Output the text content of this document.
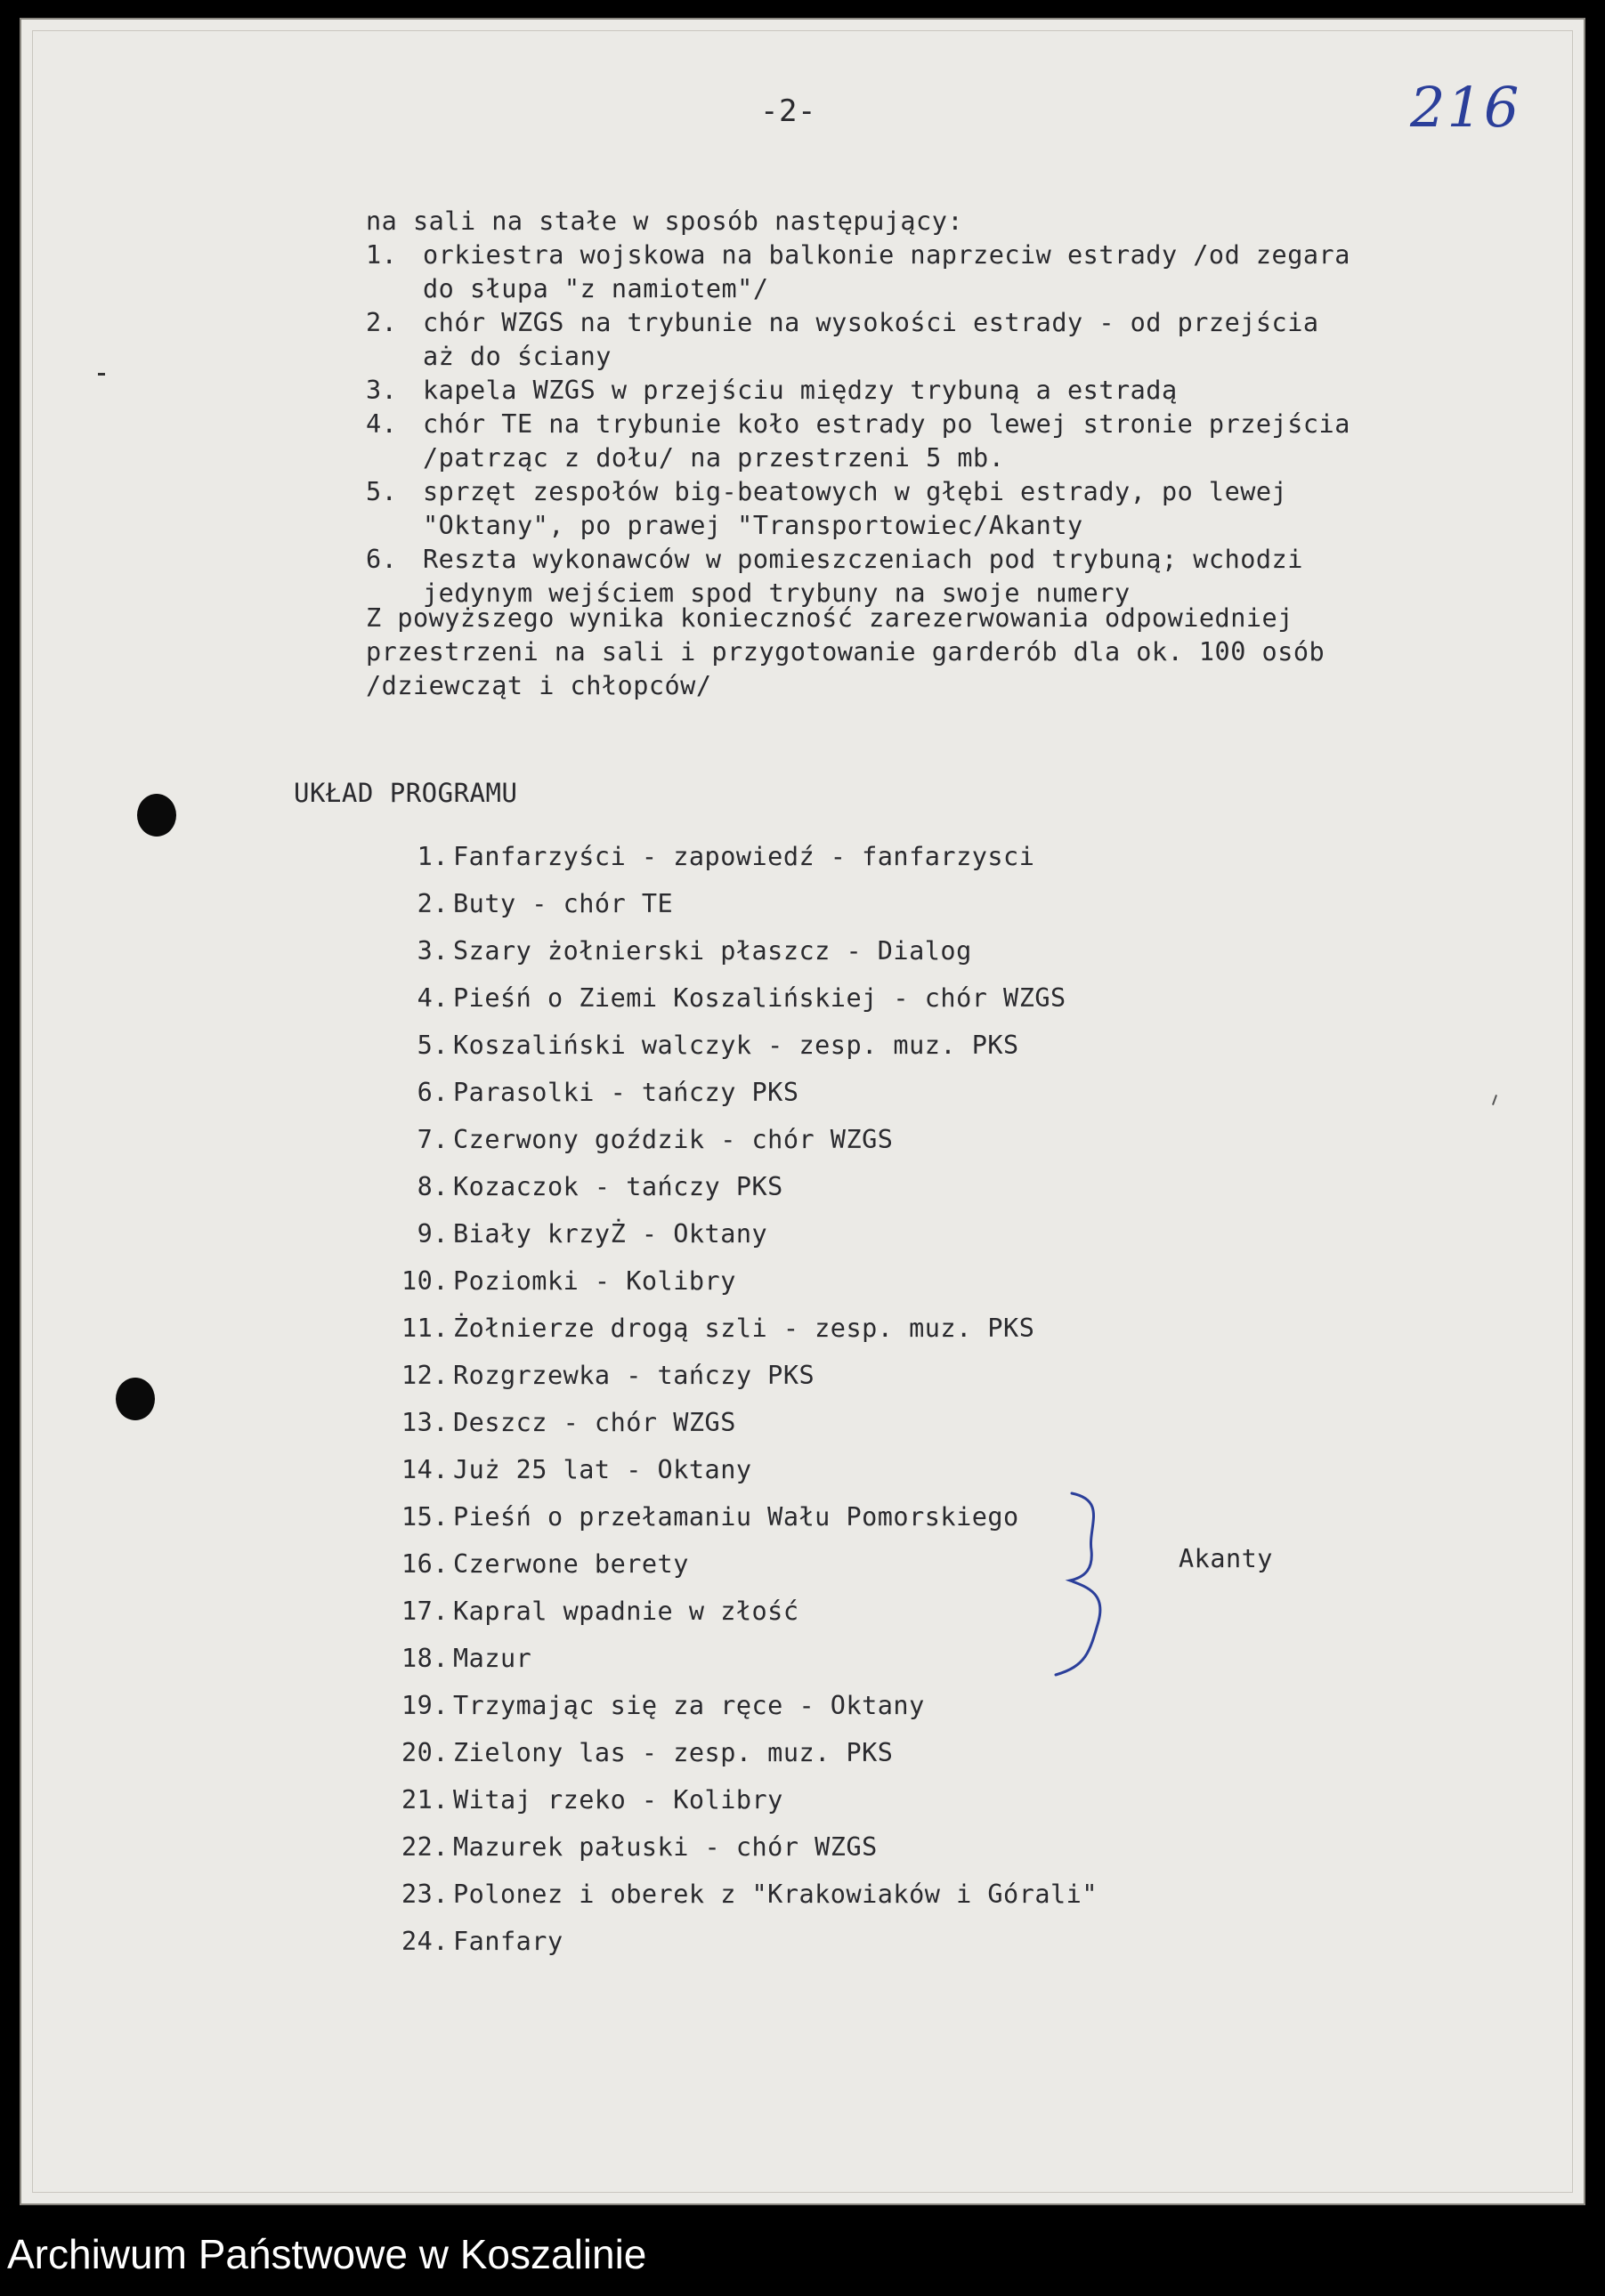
-2-	216
na sali na stałe w sposób następujący:
1.	orkiestra wojskowa na balkonie naprzeciw estrady /od zegara
do słupa "z namiotem"/
2.	chór WZGS na trybunie na wysokości estrady - od przejścia
aż do ściany
3.	kapela WZGS w przejściu między trybuną a estradą
4.	chór TE na trybunie koło estrady po lewej stronie przejścia
/patrząc z dołu/ na przestrzeni 5 mb.
5.	sprzęt zespołów big-beatowych w głębi estrady, po lewej
"Oktany", po prawej "Transportowiec/Akanty
6.	Reszta wykonawców w pomieszczeniach pod trybuną; wchodzi
jedynym wejściem spod trybuny na swoje numery
Z powyższego wynika konieczność zarezerwowania odpowiedniej
przestrzeni na sali i przygotowanie garderób dla ok. 100 osób
/dziewcząt i chłopców/
UKŁAD PROGRAMU
1. Fanfarzyści - zapowiedź - fanfarzysci
2. Buty - chór TE
3. Szary żołnierski płaszcz - Dialog
4. Pieśń o Ziemi Koszalińskiej - chór WZGS
5. Koszaliński walczyk - zesp. muz. PKS
6. Parasolki - tańczy PKS
7. Czerwony goździk - chór WZGS
8. Kozaczok - tańczy PKS
9. Biały krzyŻ - Oktany
10. Poziomki - Kolibry
11. Żołnierze drogą szli - zesp. muz. PKS
12. Rozgrzewka - tańczy PKS
13. Deszcz - chór WZGS
14. Już 25 lat - Oktany
15. Pieśń o przełamaniu Wału Pomorskiego
16. Czerwone berety
17. Kapral wpadnie w złość
18. Mazur
19. Trzymając się za ręce - Oktany
20. Zielony las - zesp. muz. PKS
21. Witaj rzeko - Kolibry
22. Mazurek pałuski - chór WZGS
23. Polonez i oberek z "Krakowiaków i Górali"
24. Fanfary
Akanty
Archiwum Państwowe w Koszalinie
